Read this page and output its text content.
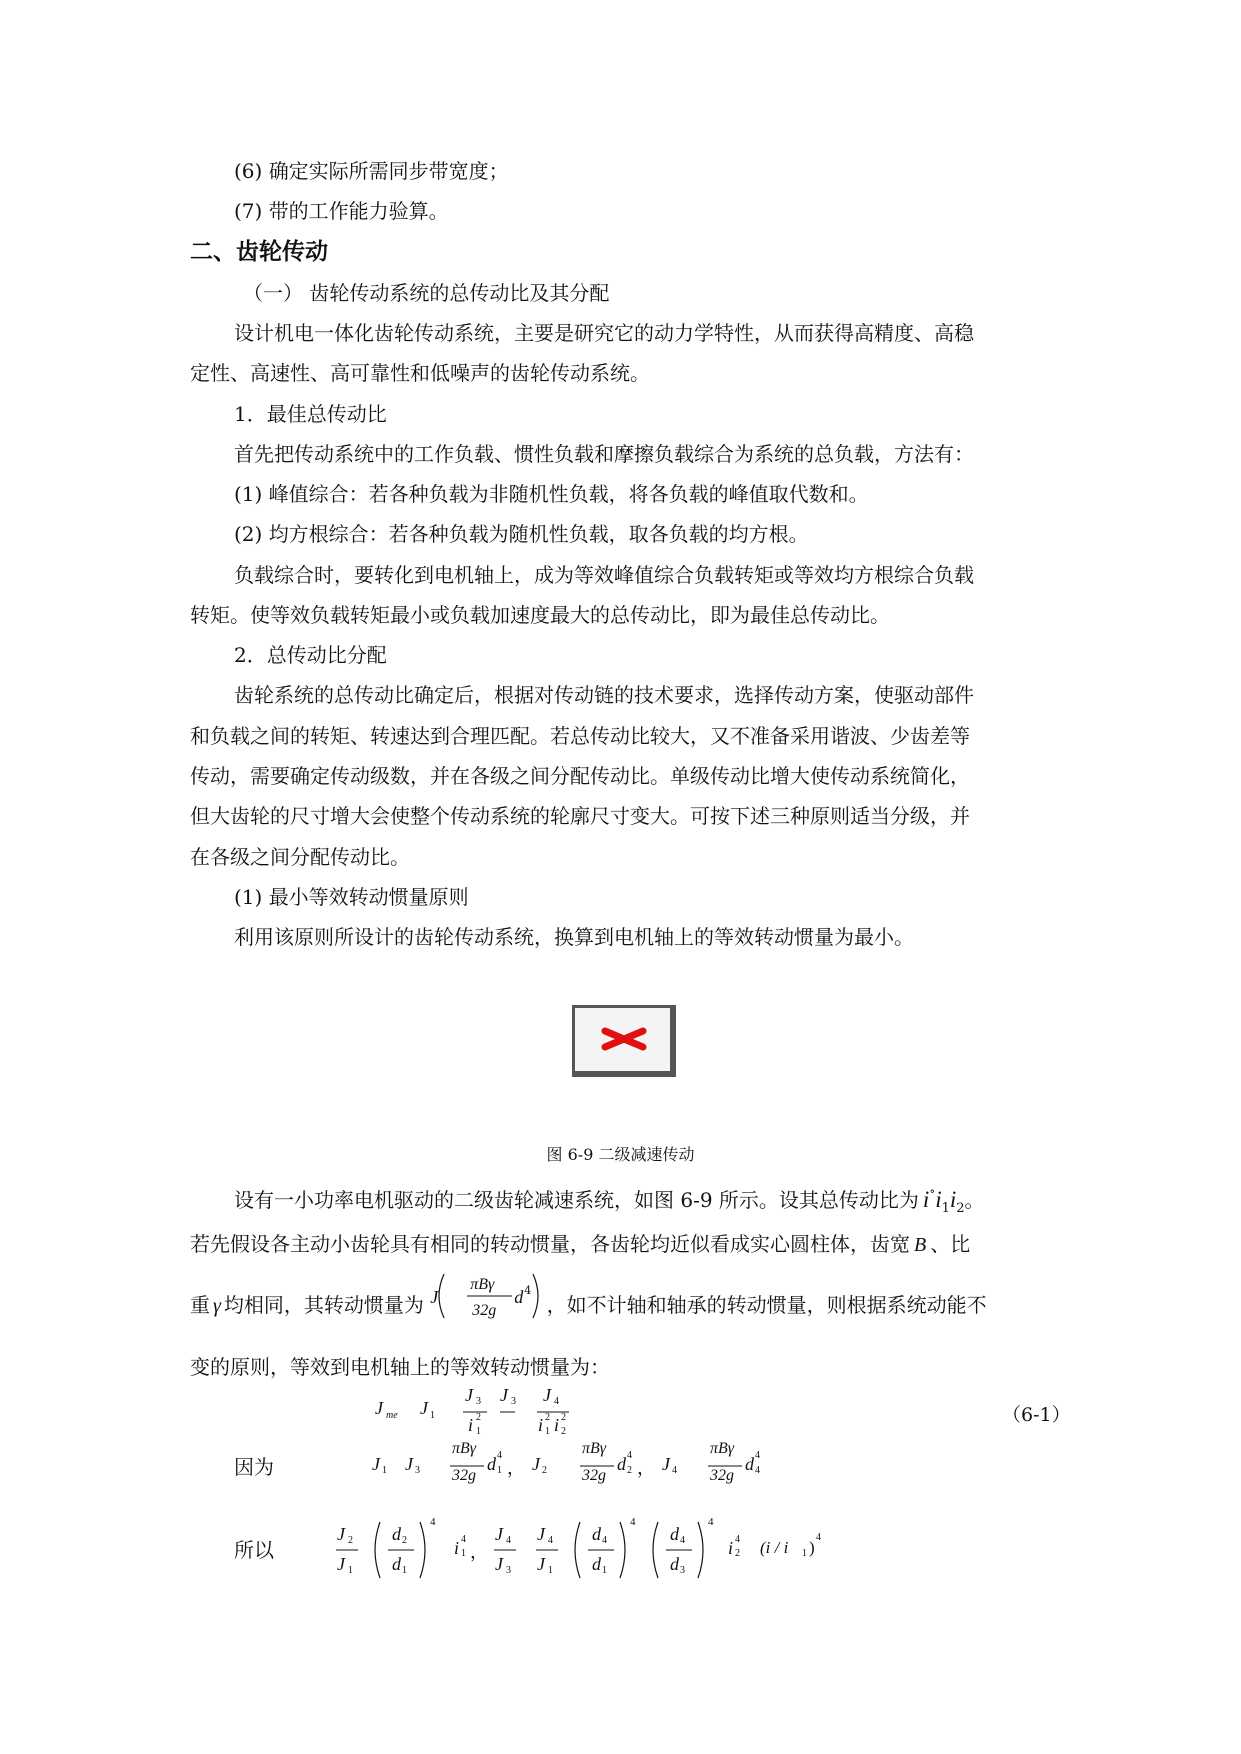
(6) 确定实际所需同步带宽度；
(7) 带的工作能力验算。
二、齿轮传动
（一） 齿轮传动系统的总传动比及其分配
设计机电一体化齿轮传动系统，主要是研究它的动力学特性，从而获得高精度、高稳
定性、高速性、高可靠性和低噪声的齿轮传动系统。
1．最佳总传动比
首先把传动系统中的工作负载、惯性负载和摩擦负载综合为系统的总负载，方法有：
(1) 峰值综合：若各种负载为非随机性负载，将各负载的峰值取代数和。
(2) 均方根综合：若各种负载为随机性负载，取各负载的均方根。
负载综合时，要转化到电机轴上，成为等效峰值综合负载转矩或等效均方根综合负载
转矩。使等效负载转矩最小或负载加速度最大的总传动比，即为最佳总传动比。
2．总传动比分配
齿轮系统的总传动比确定后，根据对传动链的技术要求，选择传动方案，使驱动部件
和负载之间的转矩、转速达到合理匹配。若总传动比较大，又不准备采用谐波、少齿差等
传动，需要确定传动级数，并在各级之间分配传动比。单级传动比增大使传动系统简化，
但大齿轮的尺寸增大会使整个传动系统的轮廓尺寸变大。可按下述三种原则适当分级，并
在各级之间分配传动比。
(1) 最小等效转动惯量原则
利用该原则所设计的齿轮传动系统，换算到电机轴上的等效转动惯量为最小。
图 6-9 二级减速传动
设有一小功率电机驱动的二级齿轮减速系统，如图 6-9 所示。设其总传动比为 $i^\circ i_1i_2$。
若先假设各主动小齿轮具有相同的转动惯量，各齿轮均近似看成实心圆柱体，齿宽 B 、比
重 γ 均相同，其转动惯量为 J
πBγ
32g
d 4
，如不计轴和轴承的转动惯量，则根据系统动能不
变的原则，等效到电机轴上的等效转动惯量为：
J me J 1
J 3 J 3
i 2
1
J 4
i 2
1 i 2
2
（6-1）
因为	J 1 J 3
πBγ
32g
d 4
1 ， J 2
πBγ
32g
d 4
2 ， J 4
πBγ
32g
d 4
4
所以
J 2
J 1
d 2
d 1
4
i 4
1 ，
J 4
J 3
J 4
J 1
d 4
d 1
4
d 4
d 3
4
i 4
2 (i / i 1 )
4
